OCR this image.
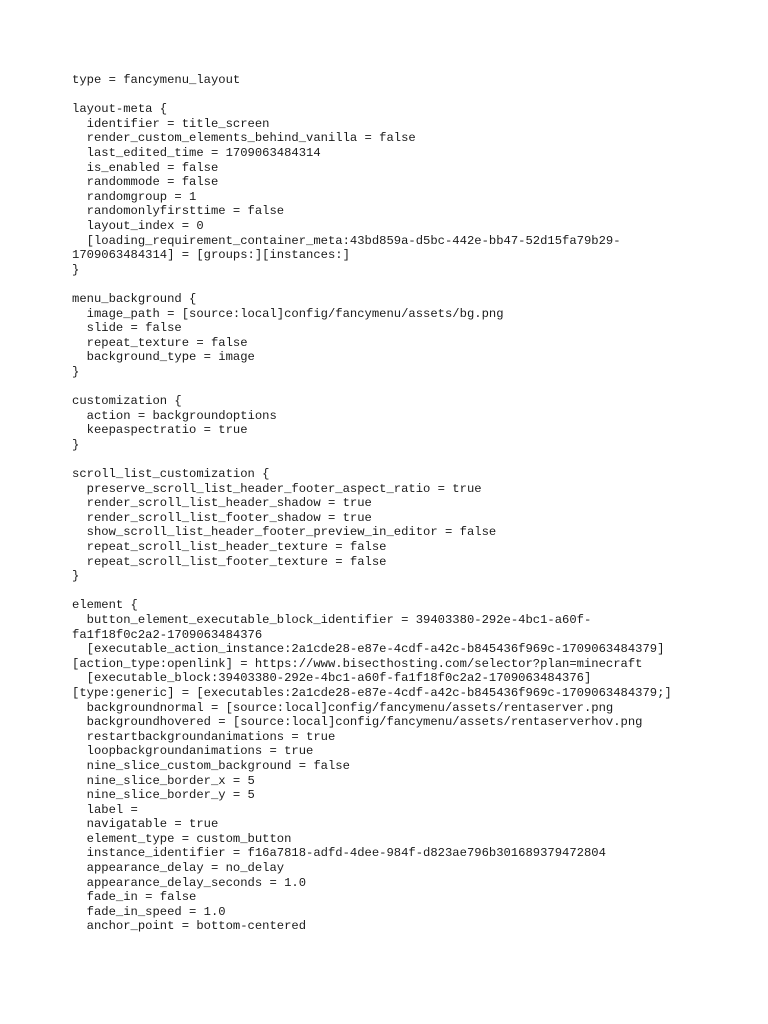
type = fancymenu_layout
layout-meta {
identifier = title_screen
render_custom_elements_behind_vanilla = false
last_edited_time = 1709063484314
is_enabled = false
randommode = false
randomgroup = 1
randomonlyfirsttime = false
layout_index = 0
[loading_requirement_container_meta:43bd859a-d5bc-442e-bb47-52d15fa79b29-
1709063484314] = [groups:][instances:]
}
menu_background {
image_path = [source:local]config/fancymenu/assets/bg.png
slide = false
repeat_texture = false
background_type = image
}
customization {
action = backgroundoptions
keepaspectratio = true
}
scroll_list_customization {
preserve_scroll_list_header_footer_aspect_ratio = true
render_scroll_list_header_shadow = true
render_scroll_list_footer_shadow = true
show_scroll_list_header_footer_preview_in_editor = false
repeat_scroll_list_header_texture = false
repeat_scroll_list_footer_texture = false
}
element {
button_element_executable_block_identifier = 39403380-292e-4bc1-a60f-
fa1f18f0c2a2-1709063484376
[executable_action_instance:2a1cde28-e87e-4cdf-a42c-b845436f969c-1709063484379]
[action_type:openlink] = https://www.bisecthosting.com/selector?plan=minecraft
[executable_block:39403380-292e-4bc1-a60f-fa1f18f0c2a2-1709063484376]
[type:generic] = [executables:2a1cde28-e87e-4cdf-a42c-b845436f969c-1709063484379;]
backgroundnormal = [source:local]config/fancymenu/assets/rentaserver.png
backgroundhovered = [source:local]config/fancymenu/assets/rentaserverhov.png
restartbackgroundanimations = true
loopbackgroundanimations = true
nine_slice_custom_background = false
nine_slice_border_x = 5
nine_slice_border_y = 5
label =
navigatable = true
element_type = custom_button
instance_identifier = f16a7818-adfd-4dee-984f-d823ae796b301689379472804
appearance_delay = no_delay
appearance_delay_seconds = 1.0
fade_in = false
fade_in_speed = 1.0
anchor_point = bottom-centered
